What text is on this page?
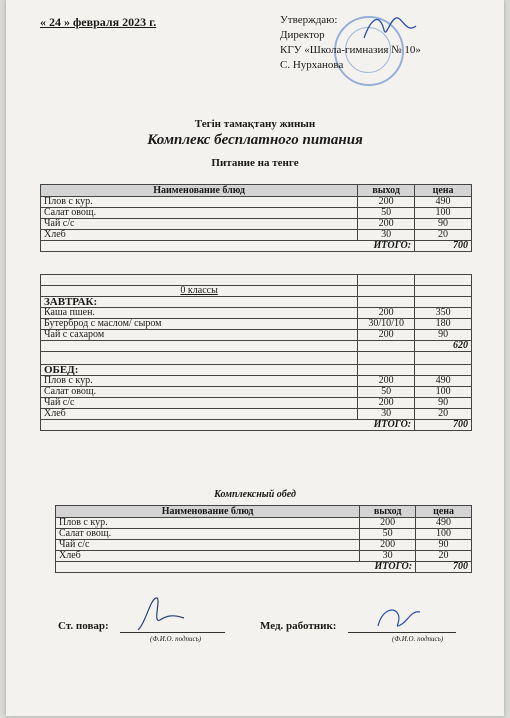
« 24 » февраля 2023 г.	Утверждаю:
Директор
КГУ «Школа-гимназия № 10»
С. Нурханова
Тегін тамақтану жинын
Комплекс бесплатного питания
Питание на тенге
Наименование блюд	выход	цена
Плов с кур.	200	490
Салат овощ.	50	100
Чай с/с	200	90
Хлеб	30	20
ИТОГО:		700

0 классы		
ЗАВТРАК:		
Каша пшен.	200	350
Бутерброд с маслом/ сыром	30/10/10	180
Чай с сахаром	200	90
		620

ОБЕД:		
Плов с кур.	200	490
Салат овощ.	50	100
Чай с/с	200	90
Хлеб	30	20
ИТОГО:		700
Комплексный обед
Наименование блюд	выход	цена
Плов с кур.	200	490
Салат овощ.	50	100
Чай с/с	200	90
Хлеб	30	20
ИТОГО:		700
Ст. повар:
(Ф.И.О. подпись)
Мед. работник:
(Ф.И.О. подпись)
